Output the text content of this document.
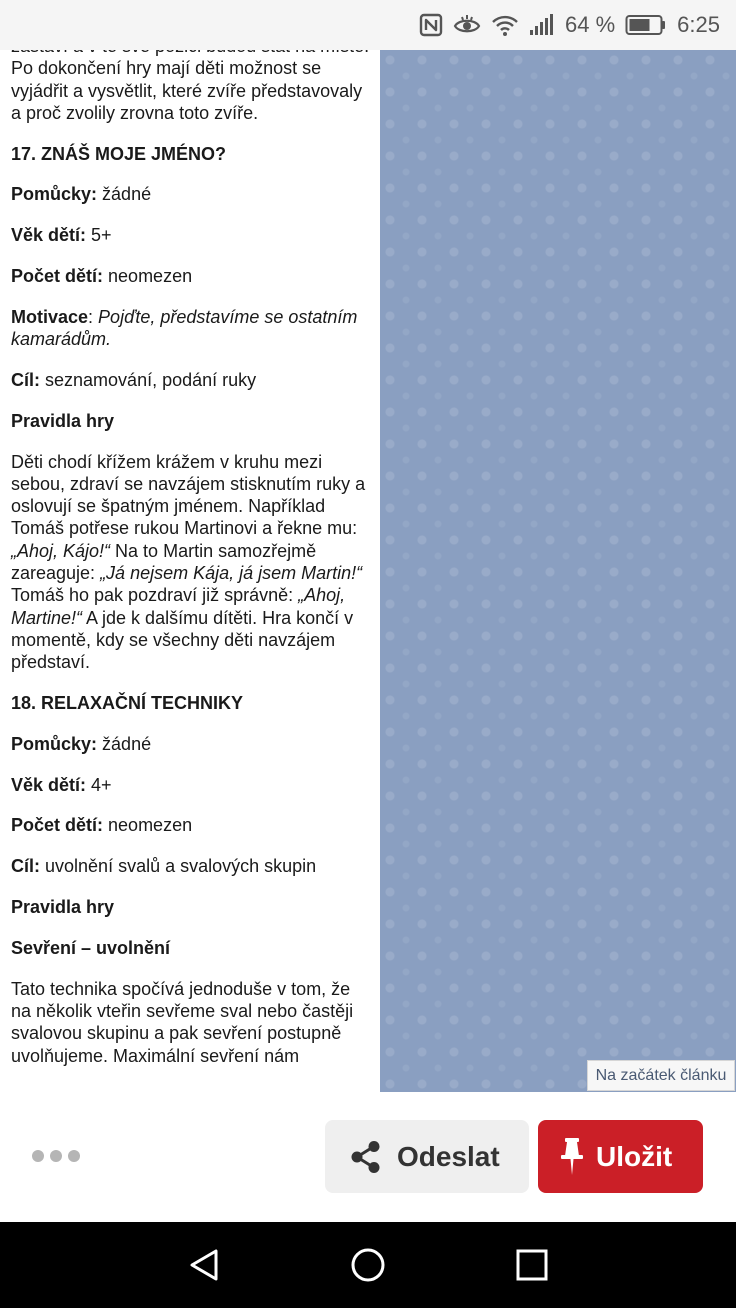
Po dokončení hry mají děti možnost se vyjádřit a vysvětlit, které zvíře představovaly a proč zvolily zrovna toto zvíře.

17. ZNÁŠ MOJE JMÉNO?

Pomůcky: žádné

Věk dětí: 5+

Počet dětí: neomezen

Motivace: Pojďte, představíme se ostatním kamarádům.

Cíl: seznamování, podání ruky

Pravidla hry

Děti chodí křížem krážem v kruhu mezi sebou, zdraví se navzájem stisknutím ruky a oslovují se špatným jménem. Například Tomáš potřese rukou Martinovi a řekne mu: „Ahoj, Kájo!“ Na to Martin samozřejmě zareaguje: „Já nejsem Kája, já jsem Martin!“ Tomáš ho pak pozdraví již správně: „Ahoj, Martine!“ A jde k dalšímu dítěti. Hra končí v momentě, kdy se všechny děti navzájem představí.

18. RELAXAČNÍ TECHNIKY

Pomůcky: žádné

Věk dětí: 4+

Počet dětí: neomezen

Cíl: uvolnění svalů a svalových skupin

Pravidla hry

Sevření – uvolnění

Tato technika spočívá jednoduše v tom, že na několik vteřin sevřeme sval nebo častěji svalovou skupinu a pak sevření postupně uvolňujeme. Maximální sevření nám

64 %	6:25
Na začátek článku
Odeslat	Uložit
